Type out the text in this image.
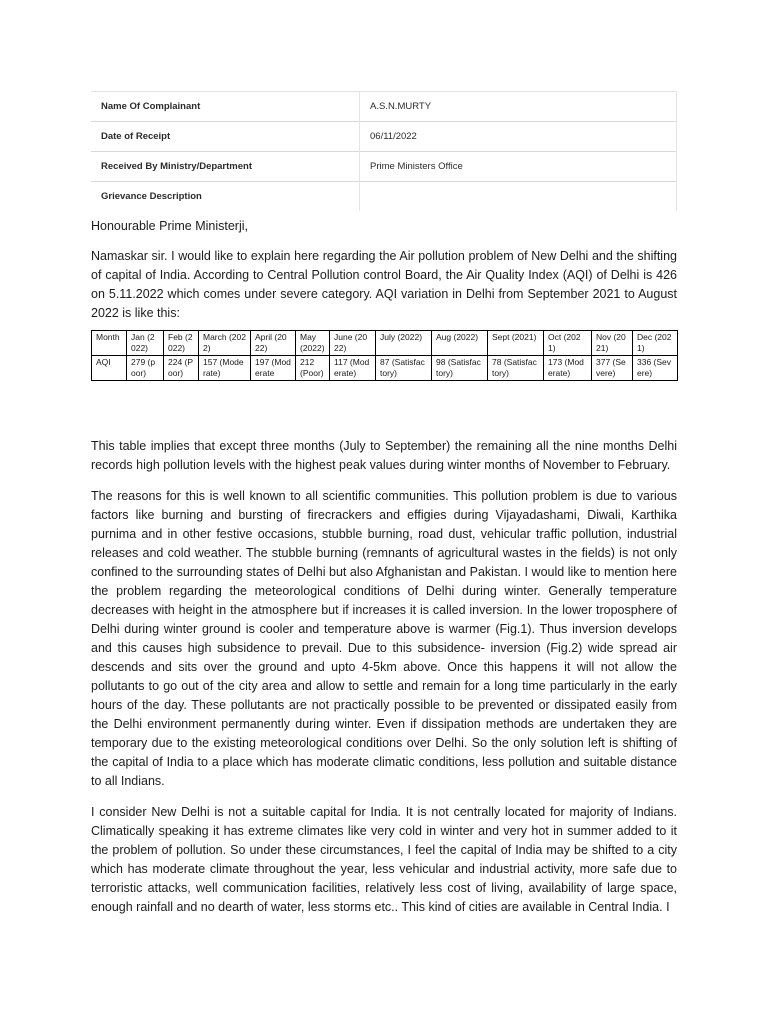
Name Of Complainant	A.S.N.MURTY
Date of Receipt	06/11/2022
Received By Ministry/Department	Prime Ministers Office
Grievance Description	

Honourable Prime Ministerji,

Namaskar sir. I would like to explain here regarding the Air pollution problem of New Delhi and the shifting of capital of India. According to Central Pollution control Board, the Air Quality Index (AQI) of Delhi is 426 on 5.11.2022 which comes under severe category. AQI variation in Delhi from September 2021 to August 2022 is like this:

Month	Jan (2022)	Feb (2022)	March (2022)	April (2022)	May (2022)	June (2022)	July (2022)	Aug (2022)	Sept (2021)	Oct (2021)	Nov (2021)	Dec (2021)
AQI	279 (poor)	224 (Poor)	157 (Moderate)	197 (Moderate	212 (Poor)	117 (Moderate)	87 (Satisfactory)	98 (Satisfactory)	78 (Satisfactory)	173 (Moderate)	377 (Severe)	336 (Severe)

This table implies that except three months (July to September) the remaining all the nine months Delhi records high pollution levels with the highest peak values during winter months of November to February.

The reasons for this is well known to all scientific communities. This pollution problem is due to various factors like burning and bursting of firecrackers and effigies during Vijayadashami, Diwali, Karthika purnima and in other festive occasions, stubble burning, road dust, vehicular traffic pollution, industrial releases and cold weather. The stubble burning (remnants of agricultural wastes in the fields) is not only confined to the surrounding states of Delhi but also Afghanistan and Pakistan. I would like to mention here the problem regarding the meteorological conditions of Delhi during winter. Generally temperature decreases with height in the atmosphere but if increases it is called inversion. In the lower troposphere of Delhi during winter ground is cooler and temperature above is warmer (Fig.1). Thus inversion develops and this causes high subsidence to prevail. Due to this subsidence- inversion (Fig.2) wide spread air descends and sits over the ground and upto 4-5km above. Once this happens it will not allow the pollutants to go out of the city area and allow to settle and remain for a long time particularly in the early hours of the day. These pollutants are not practically possible to be prevented or dissipated easily from the Delhi environment permanently during winter. Even if dissipation methods are undertaken they are temporary due to the existing meteorological conditions over Delhi. So the only solution left is shifting of the capital of India to a place which has moderate climatic conditions, less pollution and suitable distance to all Indians.

I consider New Delhi is not a suitable capital for India. It is not centrally located for majority of Indians. Climatically speaking it has extreme climates like very cold in winter and very hot in summer added to it the problem of pollution. So under these circumstances, I feel the capital of India may be shifted to a city which has moderate climate throughout the year, less vehicular and industrial activity, more safe due to terroristic attacks, well communication facilities, relatively less cost of living, availability of large space, enough rainfall and no dearth of water, less storms etc.. This kind of cities are available in Central India. I
